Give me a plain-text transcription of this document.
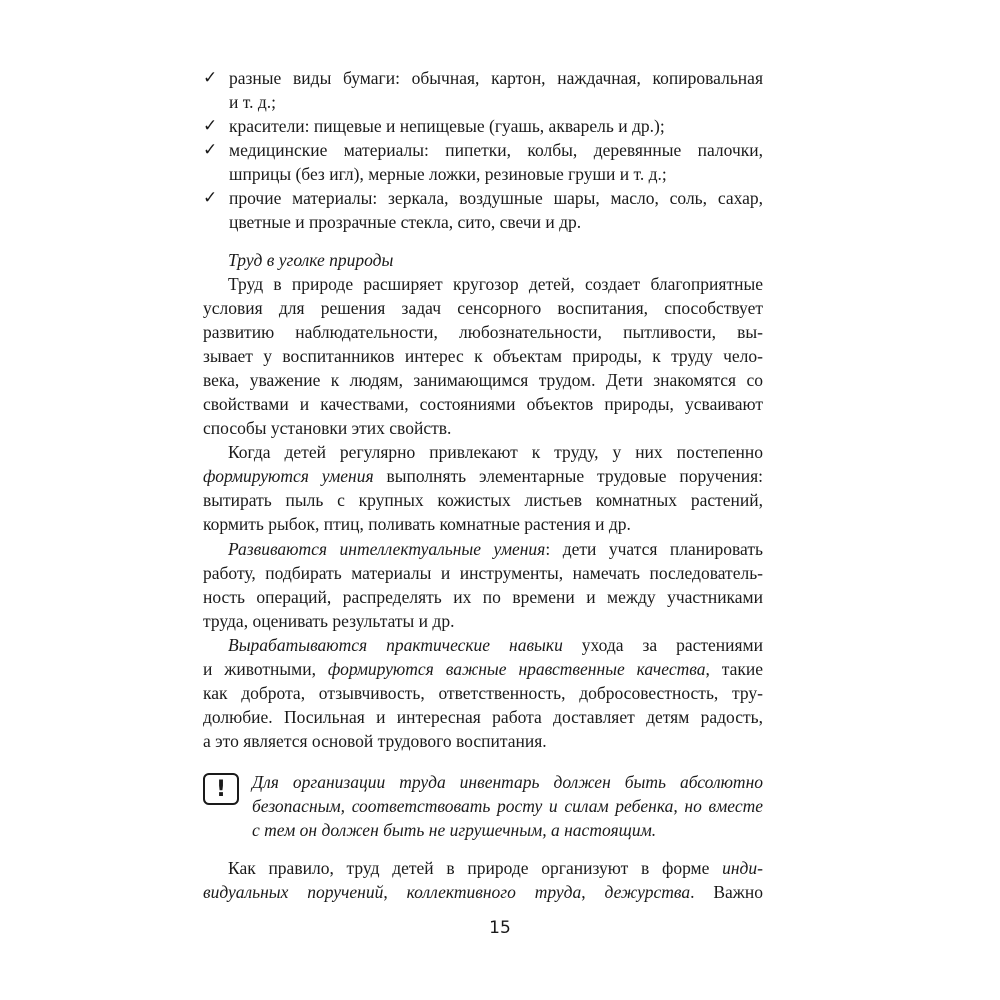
✓ разные виды бумаги: обычная, картон, наждачная, копировальная
и т. д.;
✓ красители: пищевые и непищевые (гуашь, акварель и др.);
✓ медицинские материалы: пипетки, колбы, деревянные палочки,
шприцы (без игл), мерные ложки, резиновые груши и т. д.;
✓ прочие материалы: зеркала, воздушные шары, масло, соль, сахар,
цветные и прозрачные стекла, сито, свечи и др.
Труд в уголке природы
Труд в природе расширяет кругозор детей, создает благоприятные
условия для решения задач сенсорного воспитания, способствует
развитию наблюдательности, любознательности, пытливости, вы-
зывает у воспитанников интерес к объектам природы, к труду чело-
века, уважение к людям, занимающимся трудом. Дети знакомятся со
свойствами и качествами, состояниями объектов природы, усваивают
способы установки этих свойств.
Когда детей регулярно привлекают к труду, у них постепенно
формируются умения выполнять элементарные трудовые поручения:
вытирать пыль с крупных кожистых листьев комнатных растений,
кормить рыбок, птиц, поливать комнатные растения и др.
Развиваются интеллектуальные умения: дети учатся планировать
работу, подбирать материалы и инструменты, намечать последователь-
ность операций, распределять их по времени и между участниками
труда, оценивать результаты и др.
Вырабатываются практические навыки ухода за растениями
и животными, формируются важные нравственные качества, такие
как доброта, отзывчивость, ответственность, добросовестность, тру-
долюбие. Посильная и интересная работа доставляет детям радость,
а это является основой трудового воспитания.
! Для организации труда инвентарь должен быть абсолютно
безопасным, соответствовать росту и силам ребенка, но вместе
с тем он должен быть не игрушечным, а настоящим.
Как правило, труд детей в природе организуют в форме инди-
видуальных поручений, коллективного труда, дежурства. Важно
15
